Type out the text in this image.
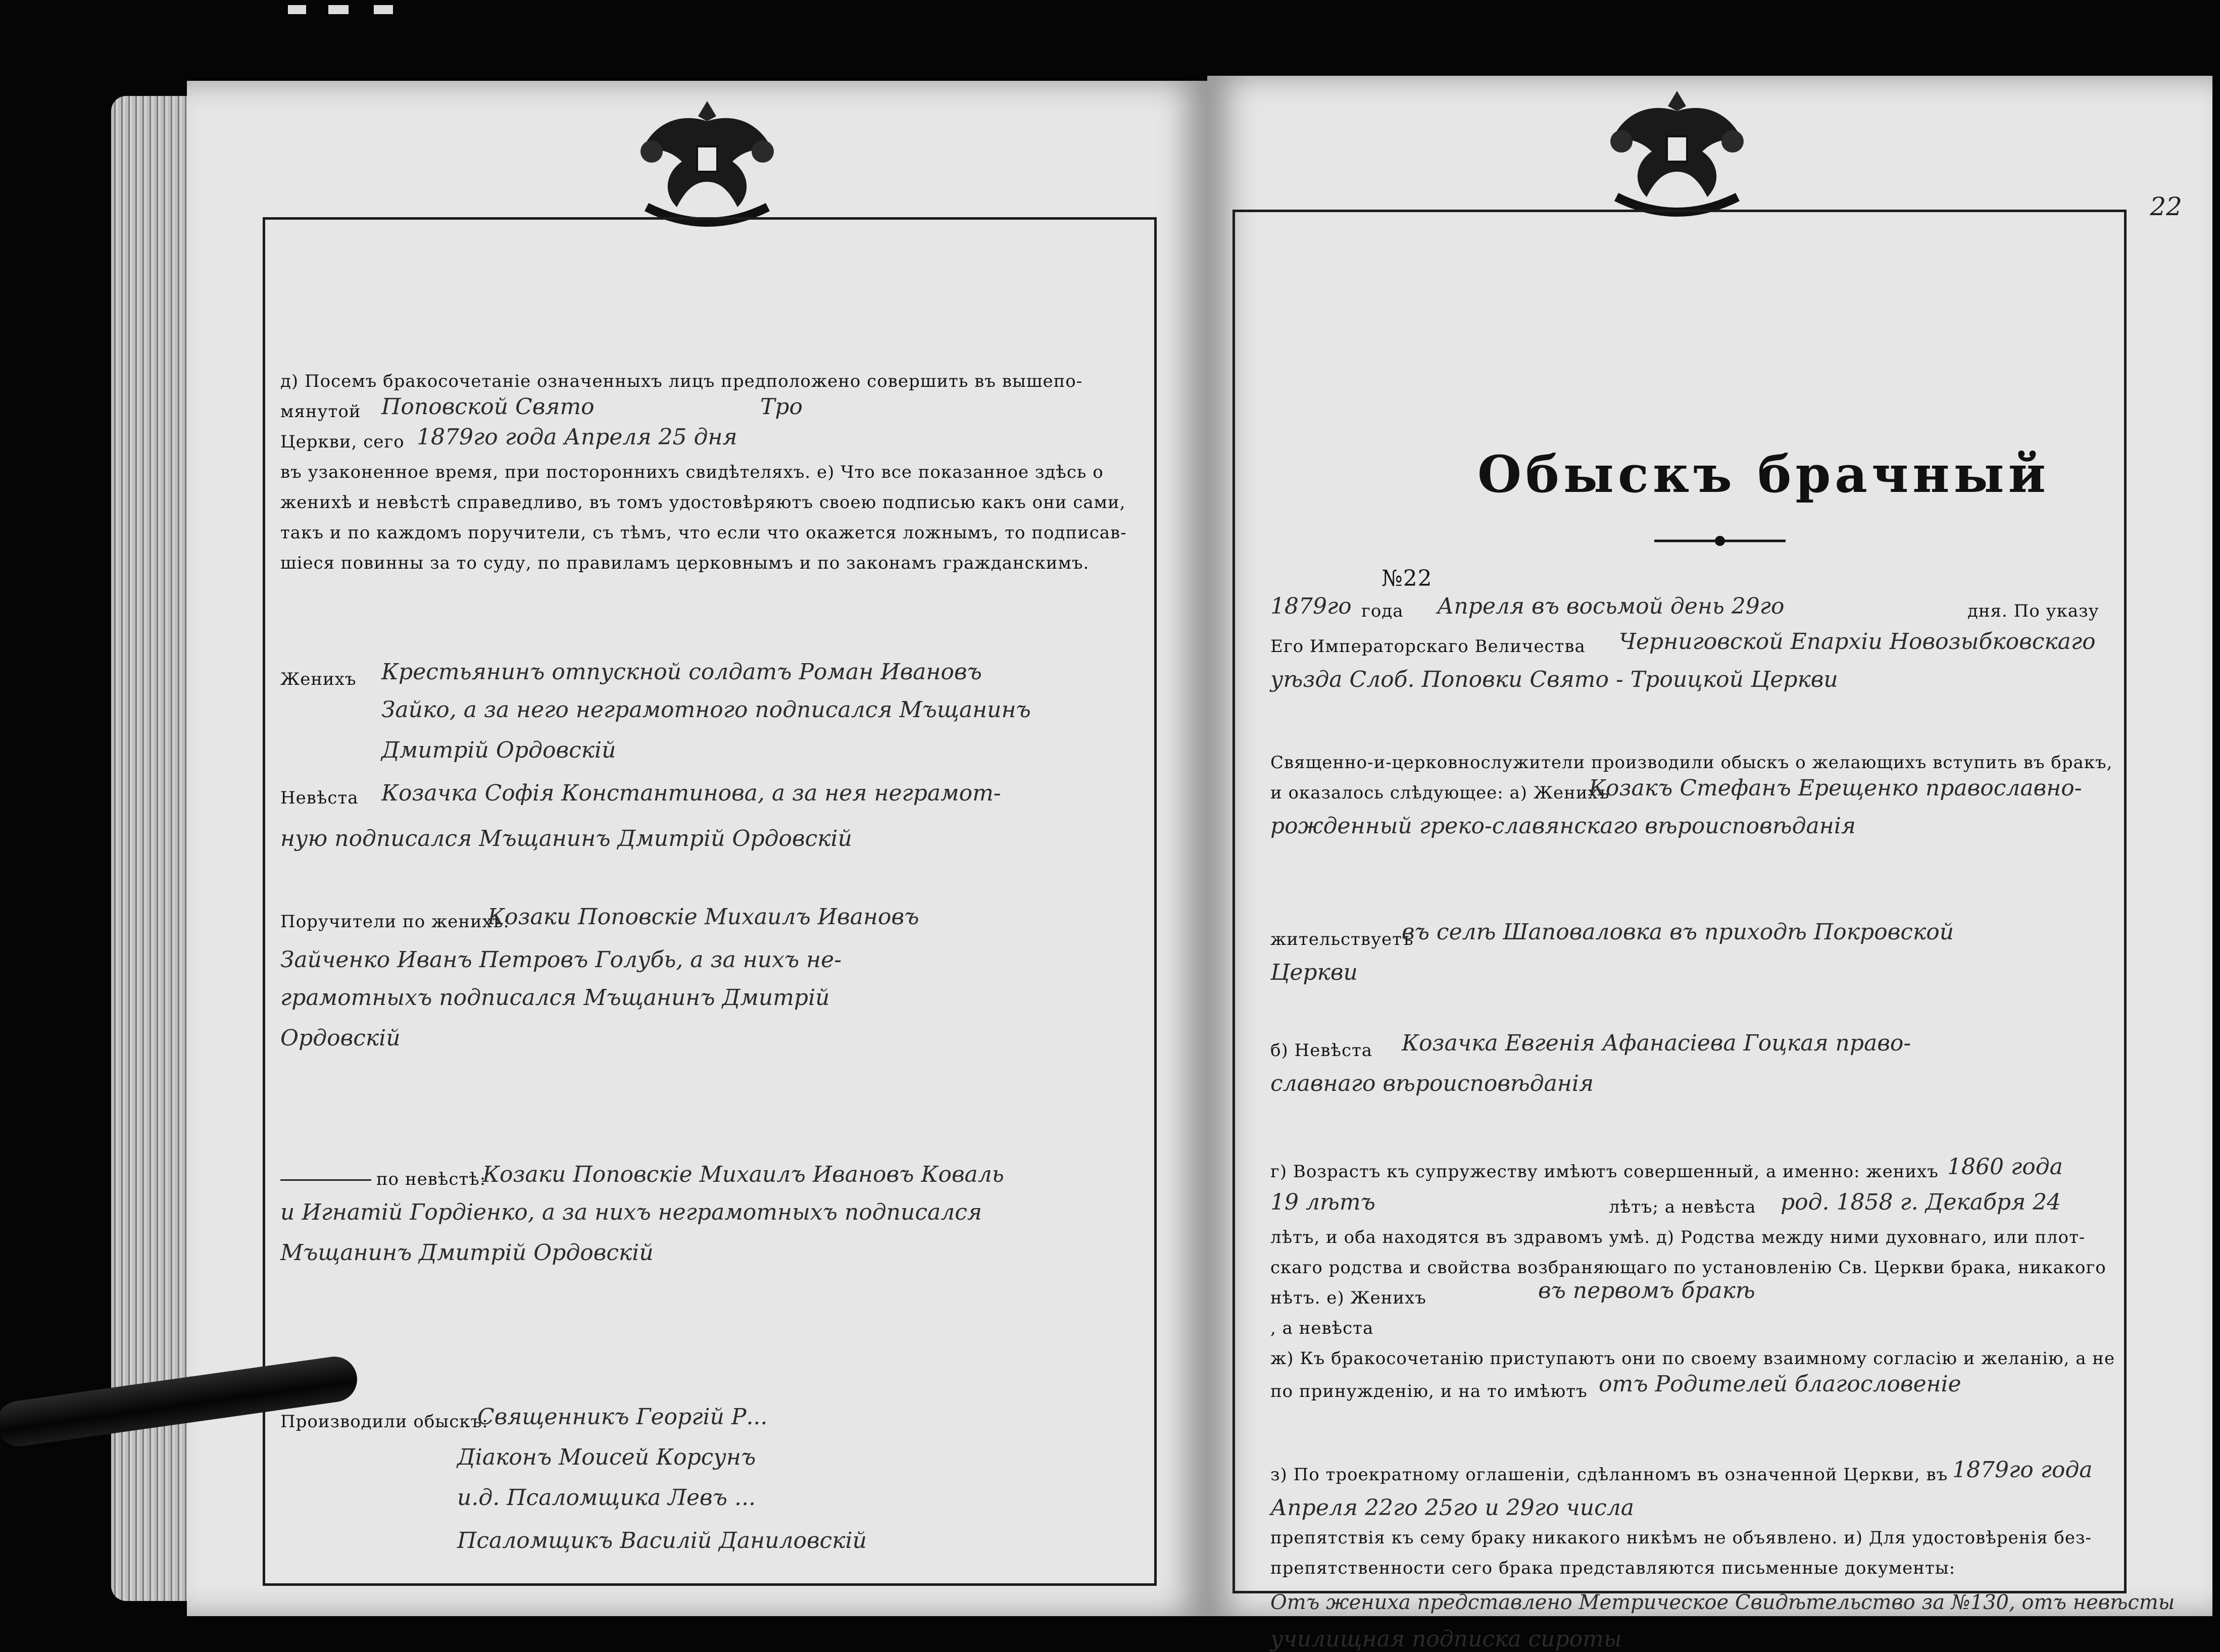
д) Посемъ бракосочетанiе означенныхъ лицъ предположено совершить въ вышепо-
мянутой Поповской Свято	Тро
Церкви, сего 1879го года Апреля 25 дня
въ узаконенное время, при постороннихъ свидѣтеляхъ. е) Что все показанное здѣсь о
женихѣ и невѣстѣ справедливо, въ томъ удостовѣряютъ своею подписью какъ они сами,
такъ и по каждомъ поручители, съ тѣмъ, что если что окажется ложнымъ, то подписав-
шiеся повинны за то суду, по правиламъ церковнымъ и по законамъ гражданскимъ.
Женихъ Крестьянинъ отпускной солдатъ Роман Ивановъ
Зайко, а за него неграмотного подписался Мъщанинъ
Дмитрiй Ордовскiй
Невѣста Козачка Софiя Константинова, а за нея неграмот-
ную подписался Мъщанинъ Дмитрiй Ордовскiй
Поручители по женихѣ:
Козаки Поповскiе Михаилъ Ивановъ
Зайченко Иванъ Петровъ Голубь, а за нихъ не-
грамотныхъ подписался Мъщанинъ Дмитрiй
Ордовскiй
по невѣстѣ:
Козаки Поповскiе Михаилъ Ивановъ Коваль
и Игнатiй Гордiенко, а за нихъ неграмотныхъ подписался
Мъщанинъ Дмитрiй Ордовскiй
Производили обыскъ:
Священникъ Георгiй Р...
Дiаконъ Моисей Корсунъ
и.д. Псаломщика Левъ ...
Псаломщикъ Василiй Даниловскiй
22
Обыскъ брачный
№22
1879го года Апреля въ восьмой день 29го	дня. По указу
Его Императорскаго Величества Черниговской Епархiи Новозыбковскаго
уѣзда Слоб. Поповки Свято - Троицкой Церкви
Священно-и-церковнослужители производили обыскъ о желающихъ вступить въ бракъ,
и оказалось слѣдующее: а) Женихъ
Козакъ Стефанъ Ерещенко православно-
рожденный греко-славянскаго вѣроисповѣданiя
жительствуетъ
въ селѣ Шаповаловка въ приходѣ Покровской
Церкви
б) Невѣста Козачка Евгенiя Афанасiева Гоцкая право-
славнаго вѣроисповѣданiя
г) Возрастъ къ супружеству имѣютъ совершенный, а именно: женихъ 1860 года
19 лѣтъ	лѣтъ; а невѣста род. 1858 г. Декабря 24
лѣтъ, и оба находятся въ здравомъ умѣ. д) Родства между ними духовнаго, или плот-
скаго родства и свойства возбраняющаго по установленiю Св. Церкви брака, никакого
нѣтъ. е) Женихъ	въ первомъ бракѣ
, а невѣста
ж) Къ бракосочетанiю приступаютъ они по своему взаимному согласiю и желанiю, а не
по принужденiю, и на то имѣютъ отъ Родителей благословенiе
з) По троекратному оглашенiи, сдѣланномъ въ означенной Церкви, въ 1879го года
Апреля 22го 25го и 29го числа
препятствiя къ сему браку никакого никѣмъ не объявлено. и) Для удостовѣренiя без-
препятственности сего брака представляются письменные документы:
Отъ жениха представлено Метрическое Свидѣтельство за №130, отъ невѣсты
училищная подписка сироты
